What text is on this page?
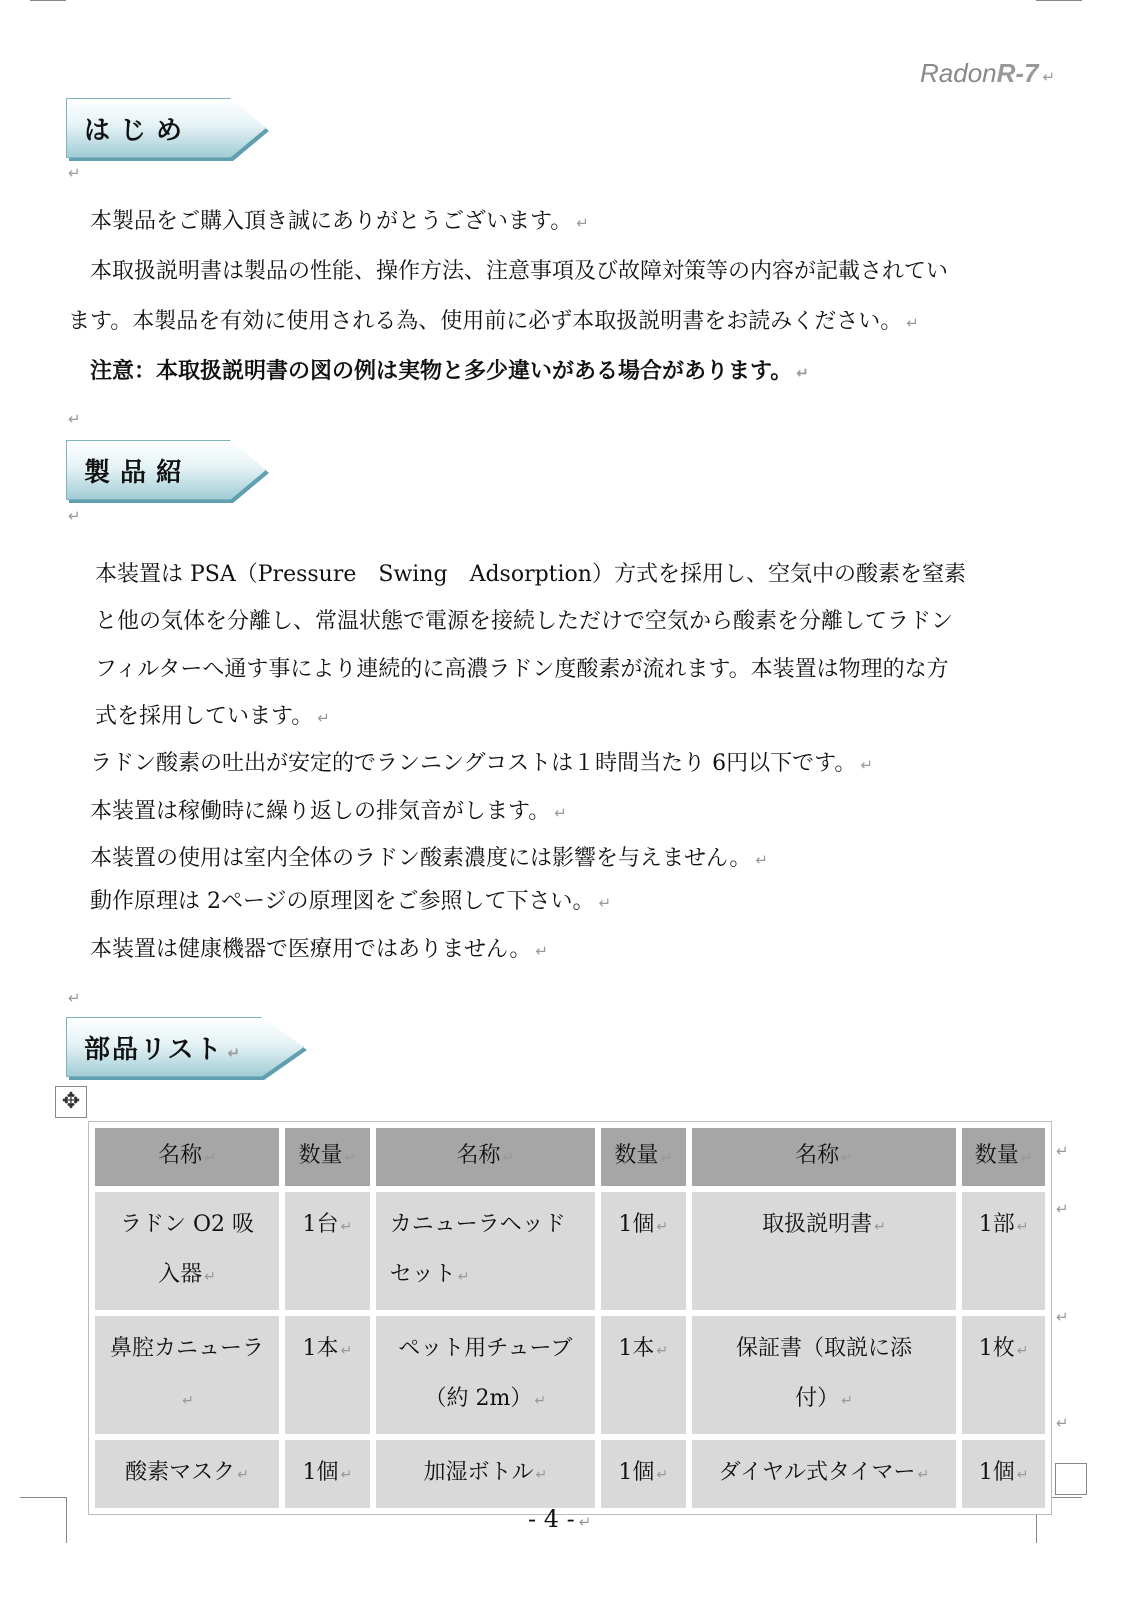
RadonR-7 ↵
はじめ
↵
本製品をご購入頂き誠にありがとうございます。 ↵
本取扱説明書は製品の性能、操作方法、注意事項及び故障対策等の内容が記載されてい
ます。本製品を有効に使用される為、使用前に必ず本取扱説明書をお読みください。 ↵
注意：本取扱説明書の図の例は実物と多少違いがある場合があります。 ↵
↵
製品紹
↵
本装置は PSA（Pressure　Swing　Adsorption）方式を採用し、空気中の酸素を窒素
と他の気体を分離し、常温状態で電源を接続しただけで空気から酸素を分離してラドン
フィルターへ通す事により連続的に高濃ラドン度酸素が流れます。本装置は物理的な方
式を採用しています。 ↵
ラドン酸素の吐出が安定的でランニングコストは１時間当たり 6円以下です。 ↵
本装置は稼働時に繰り返しの排気音がします。 ↵
本装置の使用は室内全体のラドン酸素濃度には影響を与えません。 ↵
動作原理は 2ページの原理図をご参照して下さい。 ↵
本装置は健康機器で医療用ではありません。 ↵
↵
部品リスト ↵
✥
名称 ↵	数量 ↵	名称 ↵	数量 ↵	名称 ↵	数量 ↵
ラドン O2 吸入器 ↵	1台 ↵	カニューラヘッドセット ↵	1個 ↵	取扱説明書 ↵	1部 ↵
鼻腔カニューラ↵	1本 ↵	ペット用チューブ（約 2m） ↵	1本 ↵	保証書（取説に添付） ↵	1枚 ↵
酸素マスク ↵	1個 ↵	加湿ボトル ↵	1個 ↵	ダイヤル式タイマー ↵	1個 ↵
↵
↵
↵
↵
- 4 - ↵
